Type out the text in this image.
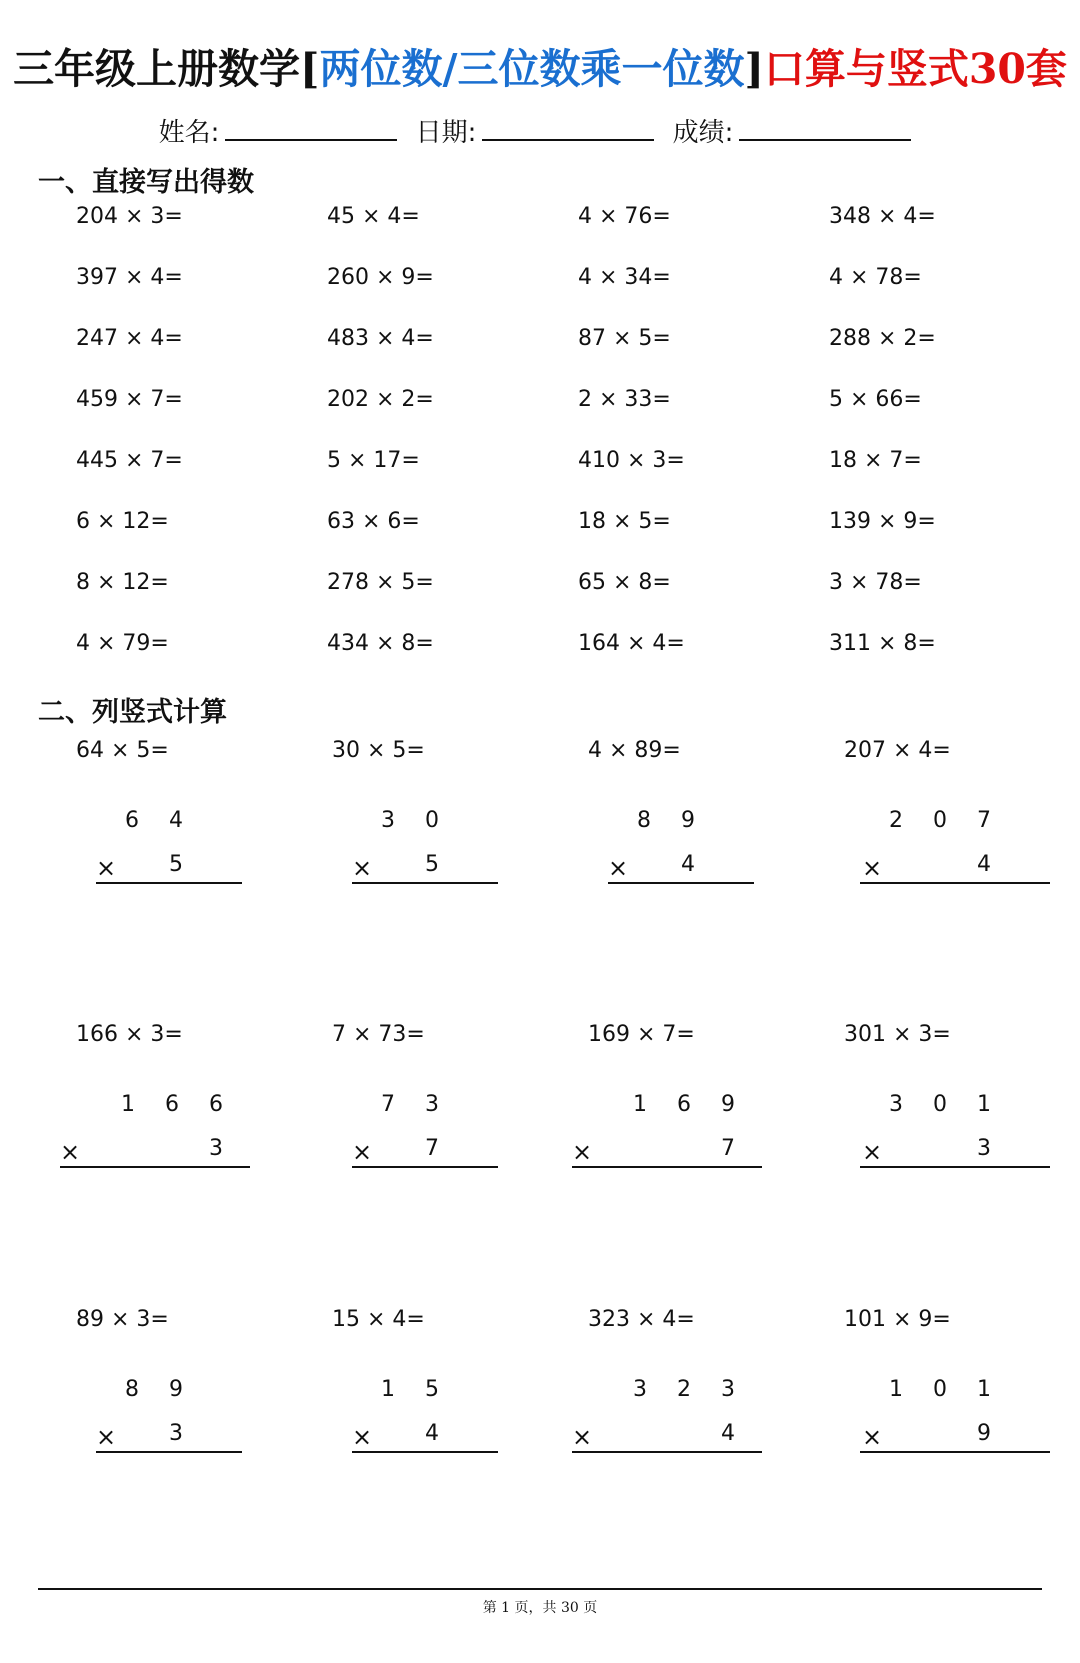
三年级上册数学[两位数/三位数乘一位数]口算与竖式30套
姓名:	日期:	成绩:
一、直接写出得数
204 × 3=	45 × 4=	4 × 76=	348 × 4=
397 × 4=	260 × 9=	4 × 34=	4 × 78=
247 × 4=	483 × 4=	87 × 5=	288 × 2=
459 × 7=	202 × 2=	2 × 33=	5 × 66=
445 × 7=	5 × 17=	410 × 3=	18 × 7=
6 × 12=	63 × 6=	18 × 5=	139 × 9=
8 × 12=	278 × 5=	65 × 8=	3 × 78=
4 × 79=	434 × 8=	164 × 4=	311 × 8=
二、列竖式计算
64 × 5=
6 4
× 5
30 × 5=
3 0
× 5
4 × 89=
8 9
× 4
207 × 4=
2 0 7
×	4
166 × 3=
1 6 6
×	3
7 × 73=
7 3
× 7
169 × 7=
1 6 9
×	7
301 × 3=
3 0 1
×	3
89 × 3=
8 9
× 3
15 × 4=
1 5
× 4
323 × 4=
3 2 3
×	4
101 × 9=
1 0 1
×	9
第 1 页，共 30 页
